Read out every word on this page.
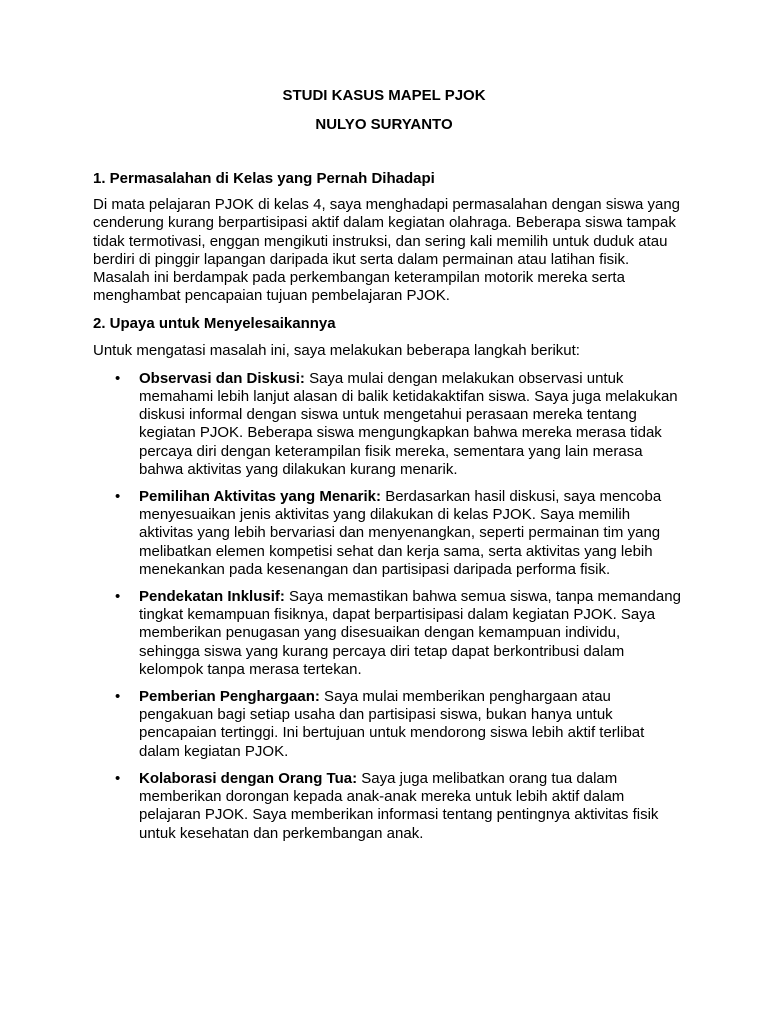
STUDI KASUS MAPEL PJOK
NULYO SURYANTO
1. Permasalahan di Kelas yang Pernah Dihadapi
Di mata pelajaran PJOK di kelas 4, saya menghadapi permasalahan dengan siswa yang cenderung kurang berpartisipasi aktif dalam kegiatan olahraga. Beberapa siswa tampak tidak termotivasi, enggan mengikuti instruksi, dan sering kali memilih untuk duduk atau berdiri di pinggir lapangan daripada ikut serta dalam permainan atau latihan fisik. Masalah ini berdampak pada perkembangan keterampilan motorik mereka serta menghambat pencapaian tujuan pembelajaran PJOK.
2. Upaya untuk Menyelesaikannya
Untuk mengatasi masalah ini, saya melakukan beberapa langkah berikut:
• Observasi dan Diskusi: Saya mulai dengan melakukan observasi untuk memahami lebih lanjut alasan di balik ketidakaktifan siswa. Saya juga melakukan diskusi informal dengan siswa untuk mengetahui perasaan mereka tentang kegiatan PJOK. Beberapa siswa mengungkapkan bahwa mereka merasa tidak percaya diri dengan keterampilan fisik mereka, sementara yang lain merasa bahwa aktivitas yang dilakukan kurang menarik.
• Pemilihan Aktivitas yang Menarik: Berdasarkan hasil diskusi, saya mencoba menyesuaikan jenis aktivitas yang dilakukan di kelas PJOK. Saya memilih aktivitas yang lebih bervariasi dan menyenangkan, seperti permainan tim yang melibatkan elemen kompetisi sehat dan kerja sama, serta aktivitas yang lebih menekankan pada kesenangan dan partisipasi daripada performa fisik.
• Pendekatan Inklusif: Saya memastikan bahwa semua siswa, tanpa memandang tingkat kemampuan fisiknya, dapat berpartisipasi dalam kegiatan PJOK. Saya memberikan penugasan yang disesuaikan dengan kemampuan individu, sehingga siswa yang kurang percaya diri tetap dapat berkontribusi dalam kelompok tanpa merasa tertekan.
• Pemberian Penghargaan: Saya mulai memberikan penghargaan atau pengakuan bagi setiap usaha dan partisipasi siswa, bukan hanya untuk pencapaian tertinggi. Ini bertujuan untuk mendorong siswa lebih aktif terlibat dalam kegiatan PJOK.
• Kolaborasi dengan Orang Tua: Saya juga melibatkan orang tua dalam memberikan dorongan kepada anak-anak mereka untuk lebih aktif dalam pelajaran PJOK. Saya memberikan informasi tentang pentingnya aktivitas fisik untuk kesehatan dan perkembangan anak.
